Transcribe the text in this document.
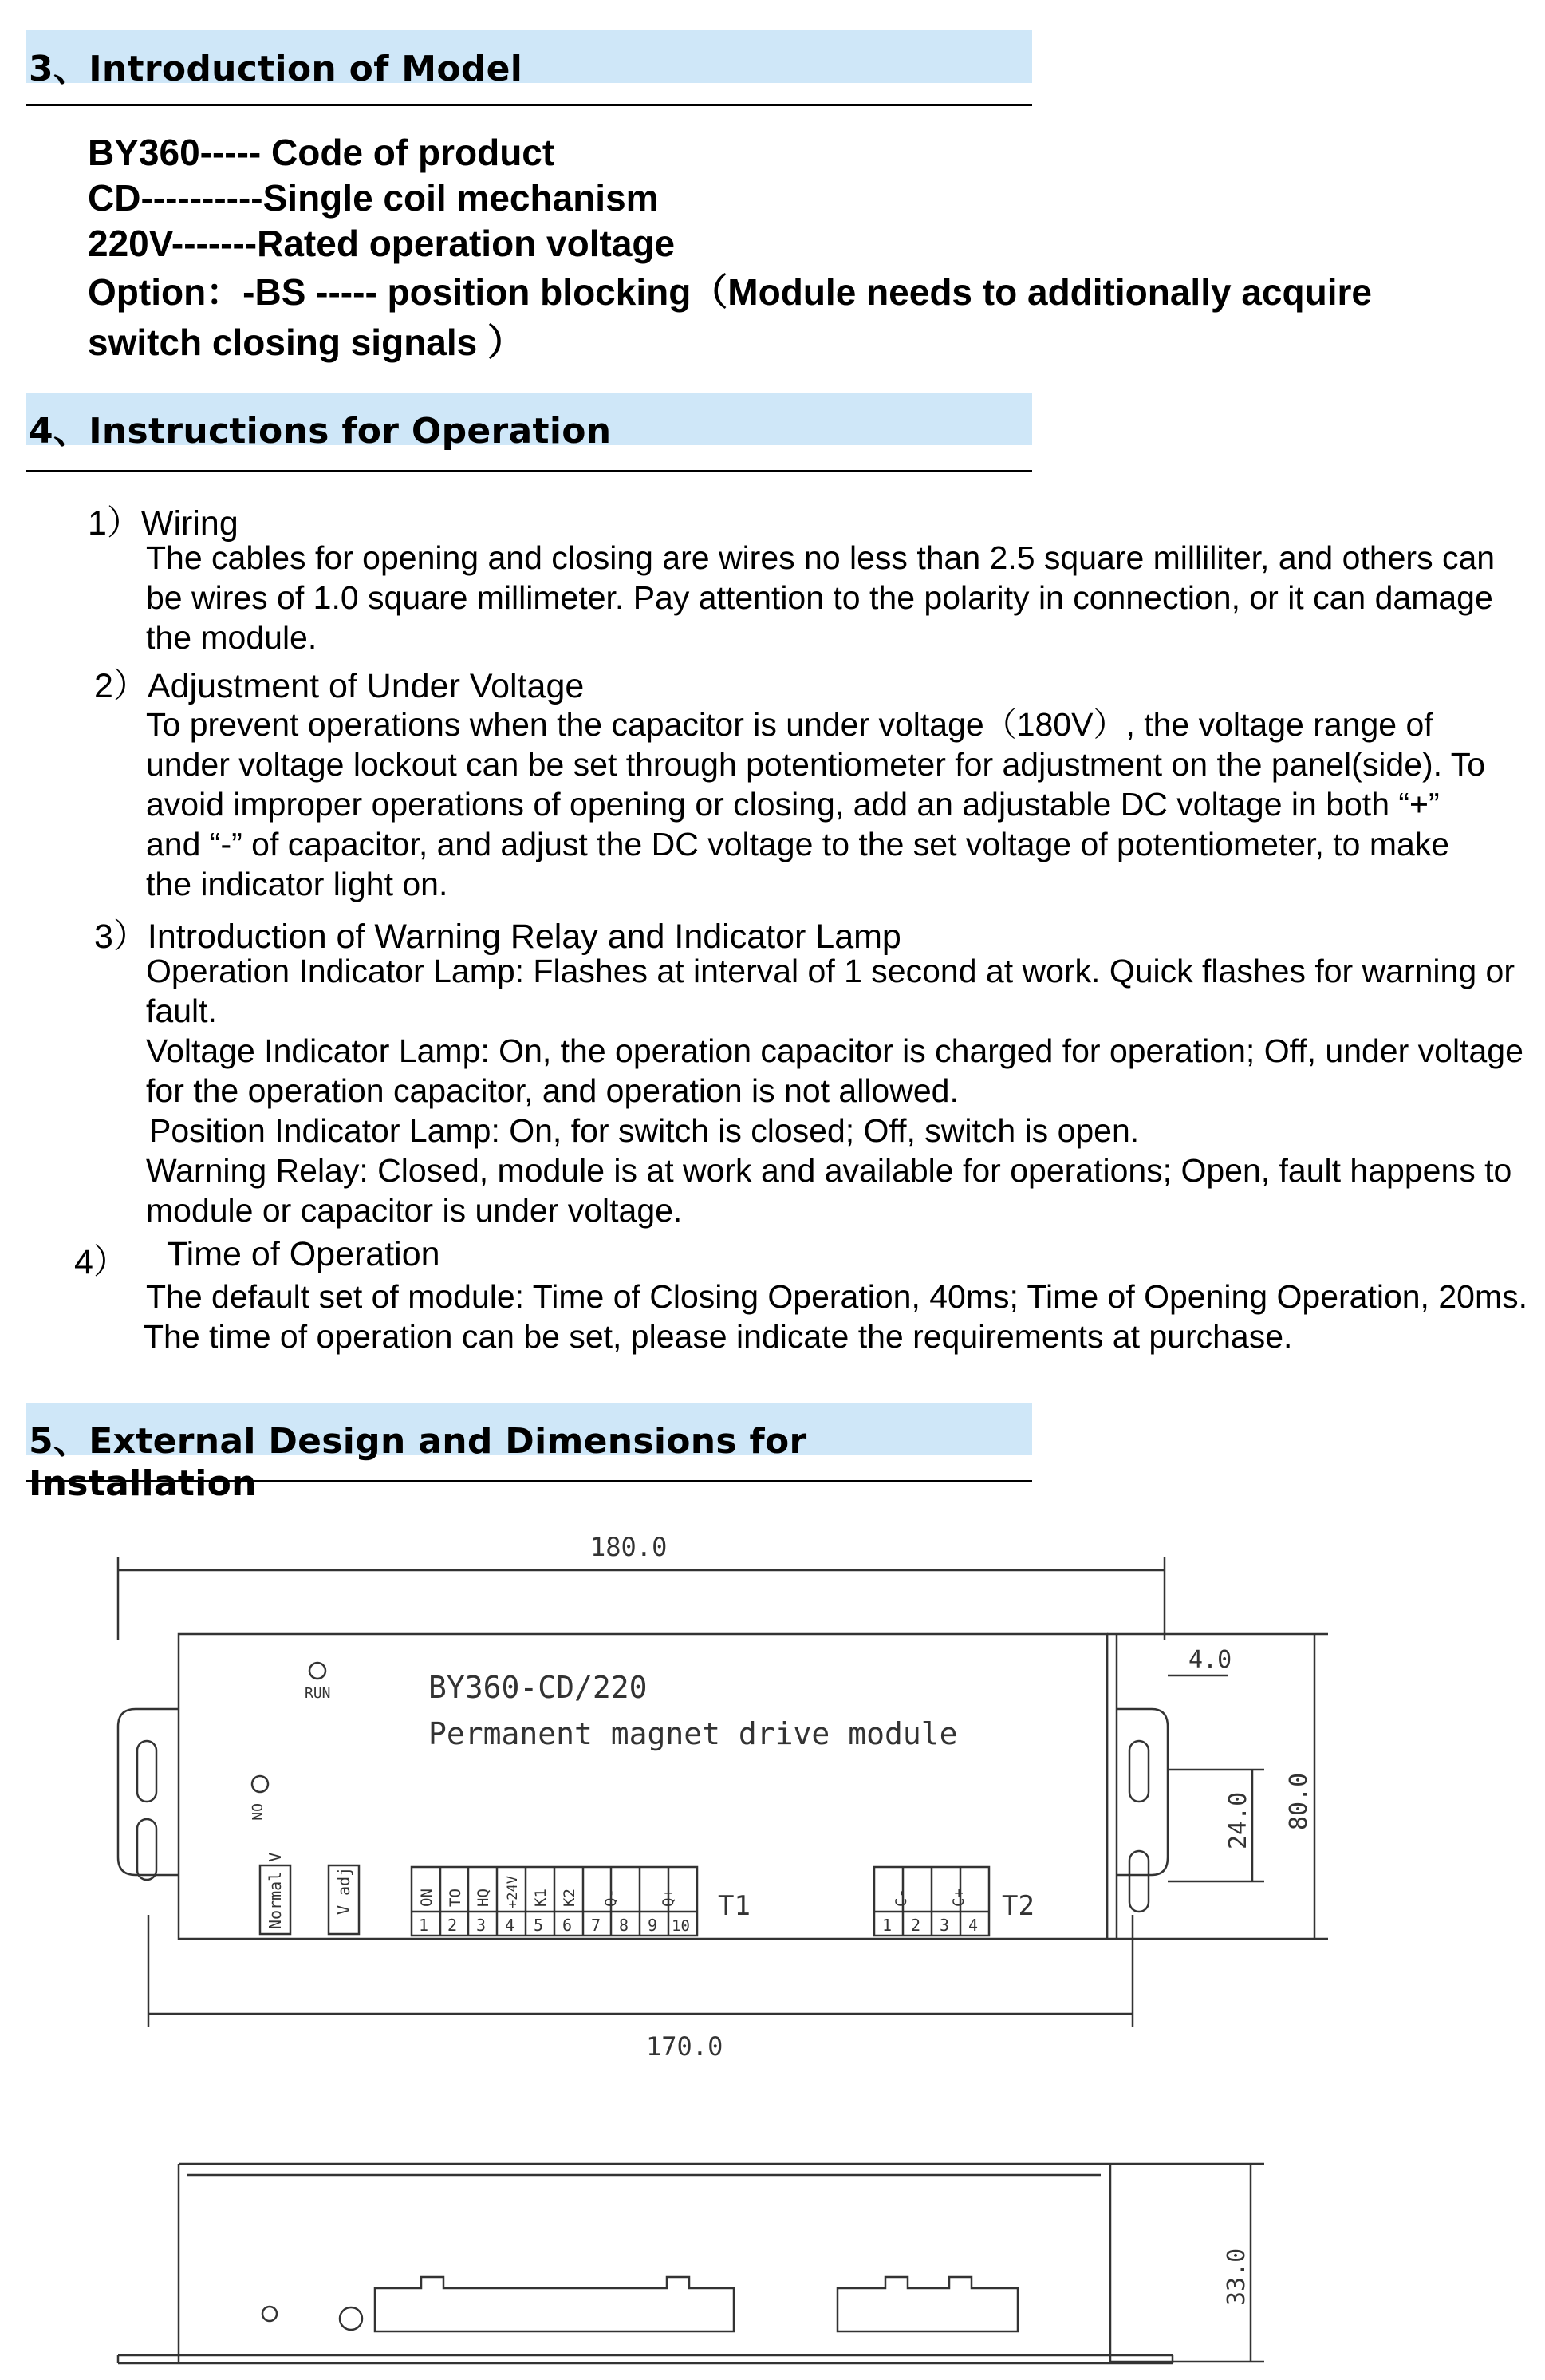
3、Introduction of Model
BY360----- Code of product
CD----------Single coil mechanism
220V-------Rated operation voltage
Option：-BS ----- position blocking（Module needs to additionally acquire
switch closing signals ）
4、Instructions for Operation
1）Wiring

The cables for opening and closing are wires no less than 2.5 square milliliter, and others can be wires of 1.0 square millimeter. Pay attention to the polarity in connection, or it can damage the module.

2）Adjustment of Under Voltage

To prevent operations when the capacitor is under voltage（180V）, the voltage range of under voltage lockout can be set through potentiometer for adjustment on the panel(side). To avoid improper operations of opening or closing, add an adjustable DC voltage in both “+” and “-” of capacitor, and adjust the DC voltage to the set voltage of potentiometer, to make the indicator light on.

3）Introduction of Warning Relay and Indicator Lamp

Operation Indicator Lamp: Flashes at interval of 1 second at work. Quick flashes for warning or fault.

Voltage Indicator Lamp: On, the operation capacitor is charged for operation; Off, under voltage for the operation capacitor, and operation is not allowed.

Position Indicator Lamp: On, for switch is closed; Off, switch is open.

Warning Relay: Closed, module is at work and available for operations; Open, fault happens to module or capacitor is under voltage.

4） Time of Operation

The default set of module: Time of Closing Operation, 40ms; Time of Opening Operation, 20ms.

The time of operation can be set, please indicate the requirements at purchase.

5、External Design and Dimensions for Installation
180.0
4.0
24.0 80.0
170.0
RUN
ON
BY360-CD/220
Permanent magnet drive module
Normal V	V adj	ON TO HQ +24V K1 K2 Q-	Q+
1 2 3 4 5 6 7 8 9 10
T1	C-	C+
1 2 3 4
T2
33.0
